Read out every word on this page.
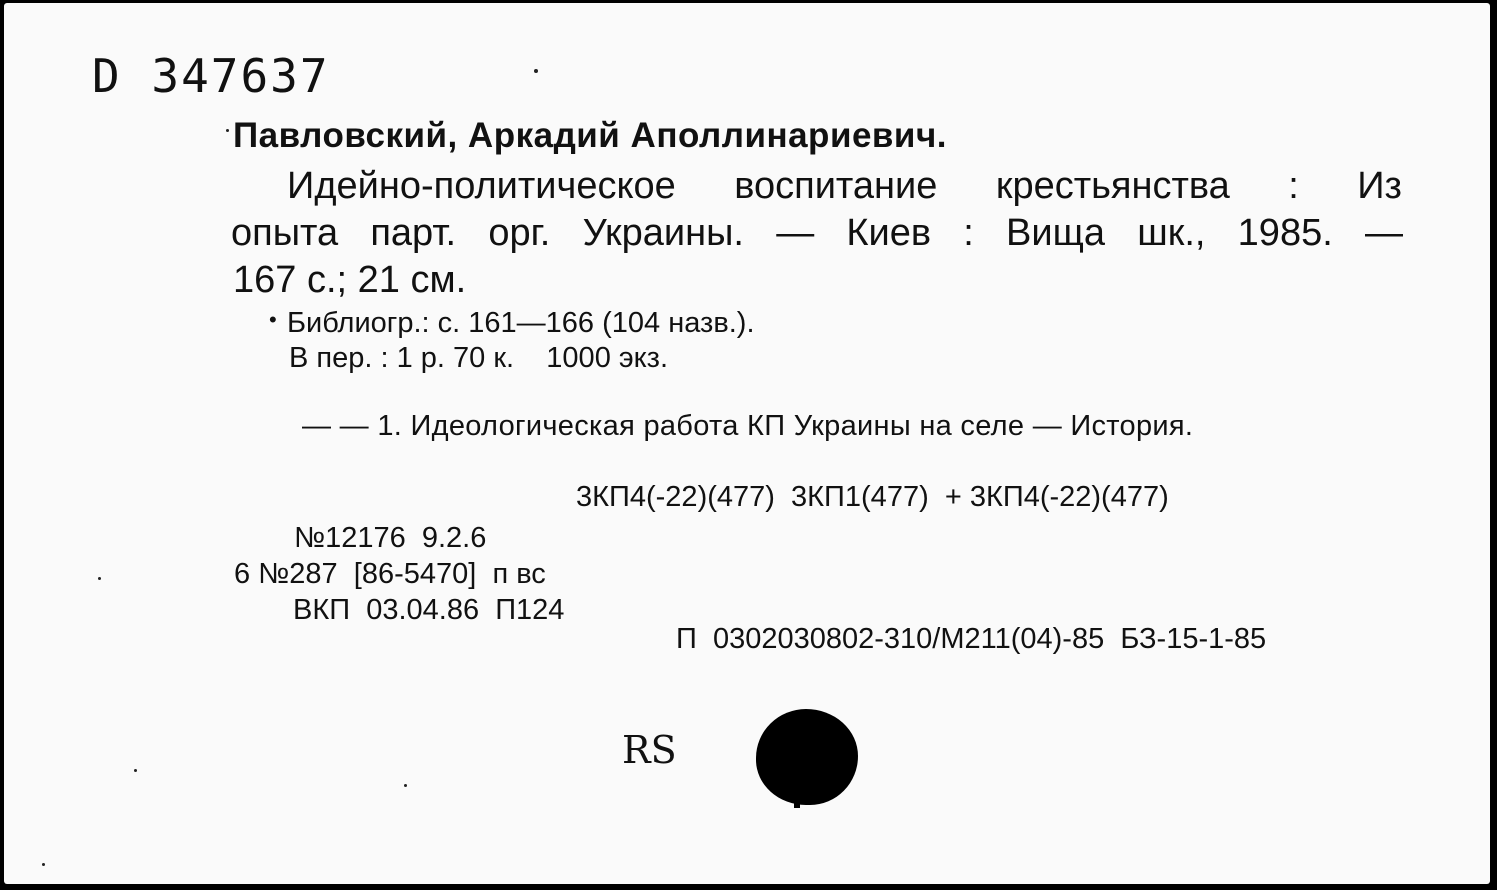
D 347637
Павловский, Аркадий Аполлинариевич.
Идейно-политическое воспитание крестьянства : Из
опыта парт. орг. Украины. — Киев : Вища шк., 1985. —
167 с.; 21 см.
• Библиогр.: с. 161—166 (104 назв.).
В пер. : 1 р. 70 к.    1000 экз.
— — 1. Идеологическая работа КП Украины на селе — История.
3КП4(-22)(477)  3КП1(477)  + 3КП4(-22)(477)
№12176  9.2.6
6 №287  [86-5470]  п вс
ВКП  03.04.86  П124
П  0302030802-310/М211(04)-85  БЗ-15-1-85
RS
